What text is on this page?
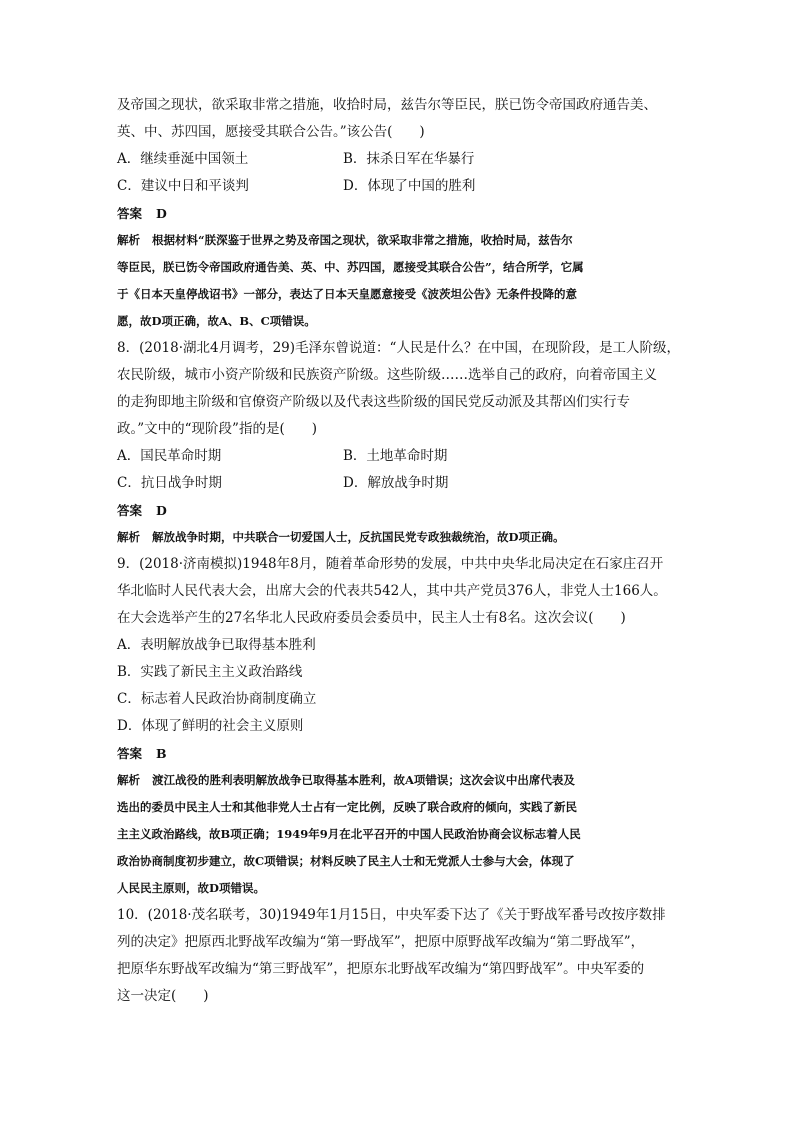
及帝国之现状，欲采取非常之措施，收拾时局，兹告尔等臣民，朕已饬令帝国政府通告美、

英、中、苏四国，愿接受其联合公告。”该公告(　　)

A．继续垂涎中国领土	B．抹杀日军在华暴行
C．建议中日和平谈判	D．体现了中国的胜利
答案 D
解析 根据材料“朕深鉴于世界之势及帝国之现状，欲采取非常之措施，收拾时局，兹告尔
等臣民，朕已饬令帝国政府通告美、英、中、苏四国，愿接受其联合公告”，结合所学，它属
于《日本天皇停战诏书》一部分，表达了日本天皇愿意接受《波茨坦公告》无条件投降的意
愿，故D项正确，故A、B、C项错误。

8．(2018·湖北4月调考，29)毛泽东曾说道：“人民是什么？在中国，在现阶段，是工人阶级，

农民阶级，城市小资产阶级和民族资产阶级。这些阶级……选举自己的政府，向着帝国主义

的走狗即地主阶级和官僚资产阶级以及代表这些阶级的国民党反动派及其帮凶们实行专

政。”文中的“现阶段”指的是(　　)

A．国民革命时期	B．土地革命时期
C．抗日战争时期	D．解放战争时期
答案 D
解析 解放战争时期，中共联合一切爱国人士，反抗国民党专政独裁统治，故D项正确。

9．(2018·济南模拟)1948年8月，随着革命形势的发展，中共中央华北局决定在石家庄召开

华北临时人民代表大会，出席大会的代表共542人，其中共产党员376人，非党人士166人。

在大会选举产生的27名华北人民政府委员会委员中，民主人士有8名。这次会议(　　)

A．表明解放战争已取得基本胜利

B．实践了新民主主义政治路线

C．标志着人民政治协商制度确立

D．体现了鲜明的社会主义原则

答案 B
解析 渡江战役的胜利表明解放战争已取得基本胜利，故A项错误；这次会议中出席代表及
选出的委员中民主人士和其他非党人士占有一定比例，反映了联合政府的倾向，实践了新民
主主义政治路线，故B项正确；1949年9月在北平召开的中国人民政治协商会议标志着人民
政治协商制度初步建立，故C项错误；材料反映了民主人士和无党派人士参与大会，体现了
人民民主原则，故D项错误。

10．(2018·茂名联考，30)1949年1月15日，中央军委下达了《关于野战军番号改按序数排

列的决定》把原西北野战军改编为“第一野战军”，把原中原野战军改编为“第二野战军”，

把原华东野战军改编为“第三野战军”，把原东北野战军改编为“第四野战军”。中央军委的

这一决定(　　)
